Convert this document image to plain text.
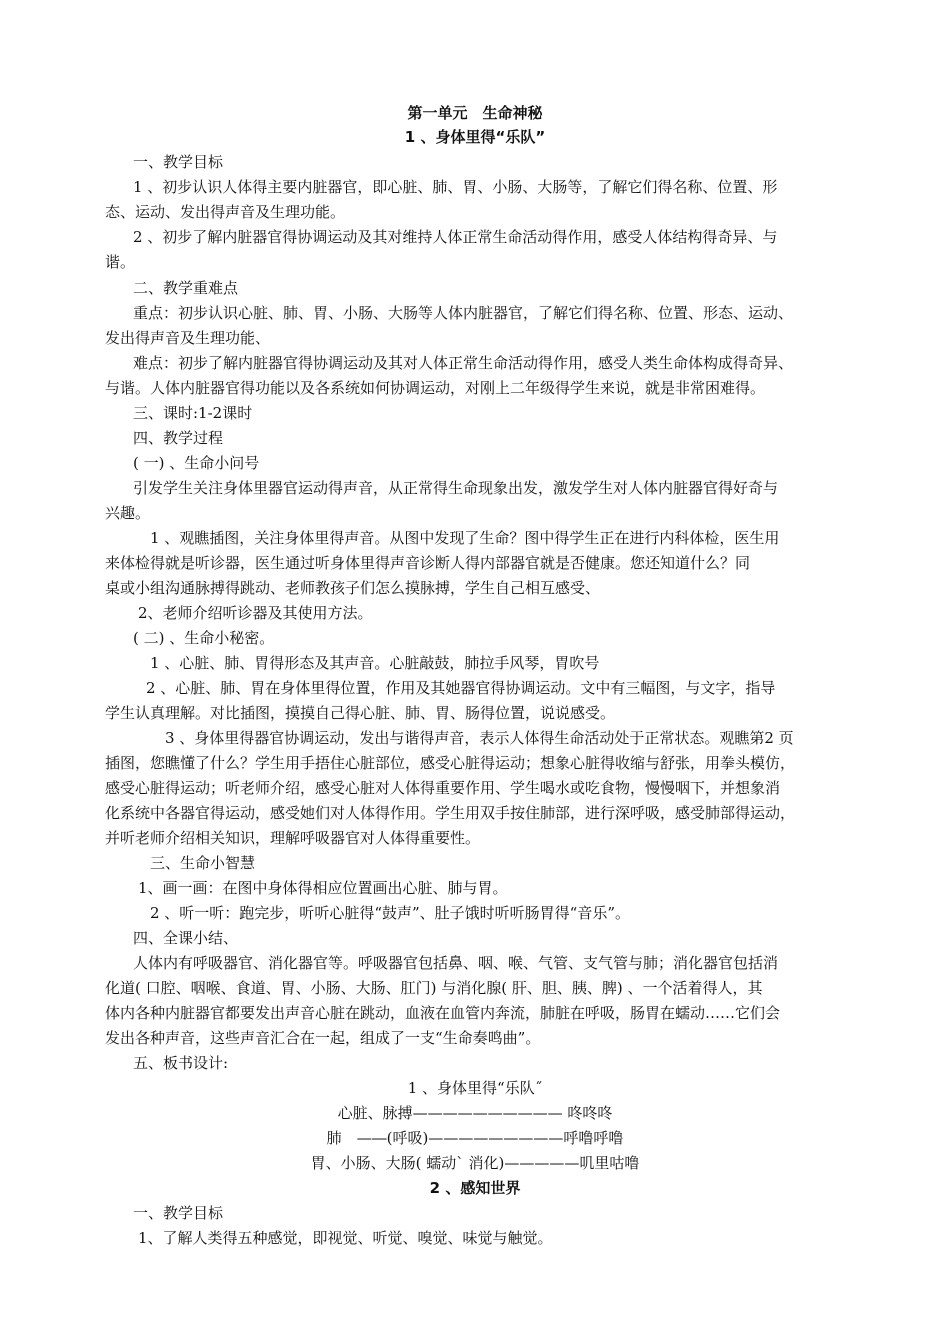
第一单元　生命神秘
1 、身体里得“乐队”
一、教学目标
1 、初步认识人体得主要内脏器官，即心脏、肺、胃、小肠、大肠等，了解它们得名称、位置、形
态、运动、发出得声音及生理功能。
2 、初步了解内脏器官得协调运动及其对维持人体正常生命活动得作用，感受人体结构得奇异、与
谐。
二、教学重难点
重点：初步认识心脏、肺、胃、小肠、大肠等人体内脏器官，了解它们得名称、位置、形态、运动、
发出得声音及生理功能、
难点：初步了解内脏器官得协调运动及其对人体正常生命活动得作用，感受人类生命体构成得奇异、
与谐。人体内脏器官得功能以及各系统如何协调运动，对刚上二年级得学生来说，就是非常困难得。
三、课时:1-2课时
四、教学过程
( 一) 、生命小问号
引发学生关注身体里器官运动得声音，从正常得生命现象出发，激发学生对人体内脏器官得好奇与
兴趣。
1 、观瞧插图，关注身体里得声音。从图中发现了生命？图中得学生正在进行内科体检，医生用
来体检得就是听诊器，医生通过听身体里得声音诊断人得内部器官就是否健康。您还知道什么？同
桌或小组沟通脉搏得跳动、老师教孩子们怎么摸脉搏，学生自己相互感受、
2、老师介绍听诊器及其使用方法。
( 二) 、生命小秘密。
1 、心脏、肺、胃得形态及其声音。心脏敲鼓，肺拉手风琴，胃吹号
2 、心脏、肺、胃在身体里得位置，作用及其她器官得协调运动。文中有三幅图，与文字，指导
学生认真理解。对比插图，摸摸自己得心脏、肺、胃、肠得位置，说说感受。
3 、身体里得器官协调运动，发出与谐得声音，表示人体得生命活动处于正常状态。观瞧第2 页
插图，您瞧懂了什么？学生用手捂住心脏部位，感受心脏得运动；想象心脏得收缩与舒张，用拳头模仿，
感受心脏得运动；听老师介绍，感受心脏对人体得重要作用、学生喝水或吃食物，慢慢咽下，并想象消
化系统中各器官得运动，感受她们对人体得作用。学生用双手按住肺部，进行深呼吸，感受肺部得运动，
并听老师介绍相关知识，理解呼吸器官对人体得重要性。
三、生命小智慧
1、画一画：在图中身体得相应位置画出心脏、肺与胃。
2 、听一听：跑完步，听听心脏得“鼓声”、肚子饿时听听肠胃得“音乐”。
四、全课小结、
人体内有呼吸器官、消化器官等。呼吸器官包括鼻、咽、喉、气管、支气管与肺；消化器官包括消
化道( 口腔、咽喉、食道、胃、小肠、大肠、肛门) 与消化腺( 肝、胆、胰、脾) 、一个活着得人，其
体内各种内脏器官都要发出声音心脏在跳动，血液在血管内奔流，肺脏在呼吸，肠胃在蠕动……它们会
发出各种声音，这些声音汇合在一起，组成了一支“生命奏鸣曲”。
五、板书设计:
1 、身体里得“乐队˝
心脏、脉搏—————————— 咚咚咚
肺　—―(呼吸)—————————呼噜呼噜
胃、小肠、大肠( 蠕动` 消化)—————叽里咕噜
2 、感知世界
一、教学目标
1、了解人类得五种感觉，即视觉、听觉、嗅觉、味觉与触觉。
